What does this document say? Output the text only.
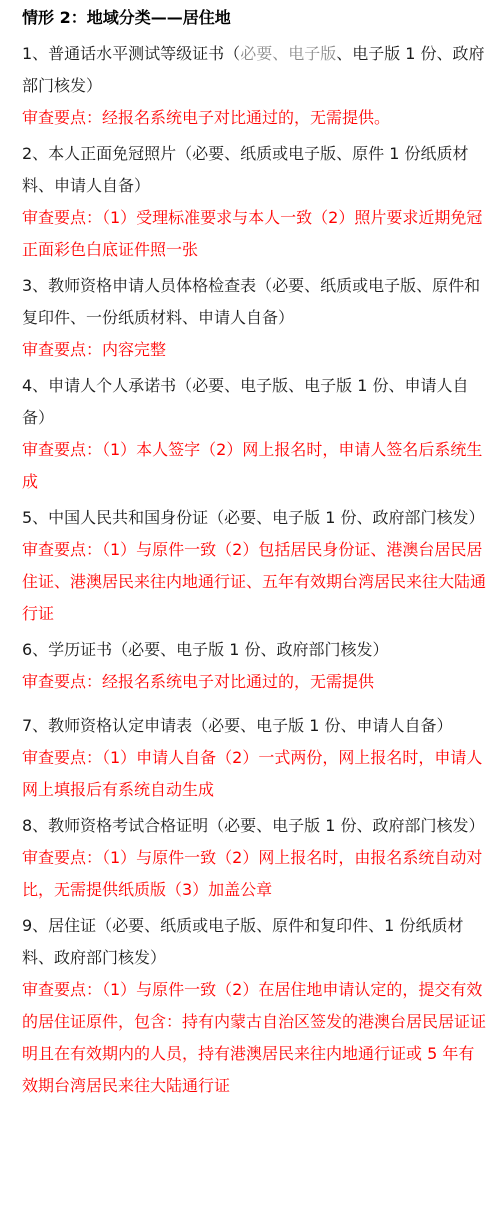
情形 2：地域分类——居住地

1、普通话水平测试等级证书（必要、电子版、电子版 1 份、政府部门核发）

审查要点：经报名系统电子对比通过的，无需提供。

2、本人正面免冠照片（必要、纸质或电子版、原件 1 份纸质材料、申请人自备）

审查要点：（1）受理标准要求与本人一致（2）照片要求近期免冠正面彩色白底证件照一张

3、教师资格申请人员体格检查表（必要、纸质或电子版、原件和复印件、一份纸质材料、申请人自备）

审查要点：内容完整

4、申请人个人承诺书（必要、电子版、电子版 1 份、申请人自备）

审查要点：（1）本人签字（2）网上报名时，申请人签名后系统生成

5、中国人民共和国身份证（必要、电子版 1 份、政府部门核发）

审查要点：（1）与原件一致（2）包括居民身份证、港澳台居民居住证、港澳居民来往内地通行证、五年有效期台湾居民来往大陆通行证

6、学历证书（必要、电子版 1 份、政府部门核发）

审查要点：经报名系统电子对比通过的，无需提供

7、教师资格认定申请表（必要、电子版 1 份、申请人自备）

审查要点：（1）申请人自备（2）一式两份，网上报名时，申请人网上填报后有系统自动生成

8、教师资格考试合格证明（必要、电子版 1 份、政府部门核发）

审查要点：（1）与原件一致（2）网上报名时，由报名系统自动对比，无需提供纸质版（3）加盖公章

9、居住证（必要、纸质或电子版、原件和复印件、1 份纸质材料、政府部门核发）

审查要点：（1）与原件一致（2）在居住地申请认定的，提交有效的居住证原件，包含：持有内蒙古自治区签发的港澳台居民居证证明且在有效期内的人员，持有港澳居民来往内地通行证或 5 年有效期台湾居民来往大陆通行证
